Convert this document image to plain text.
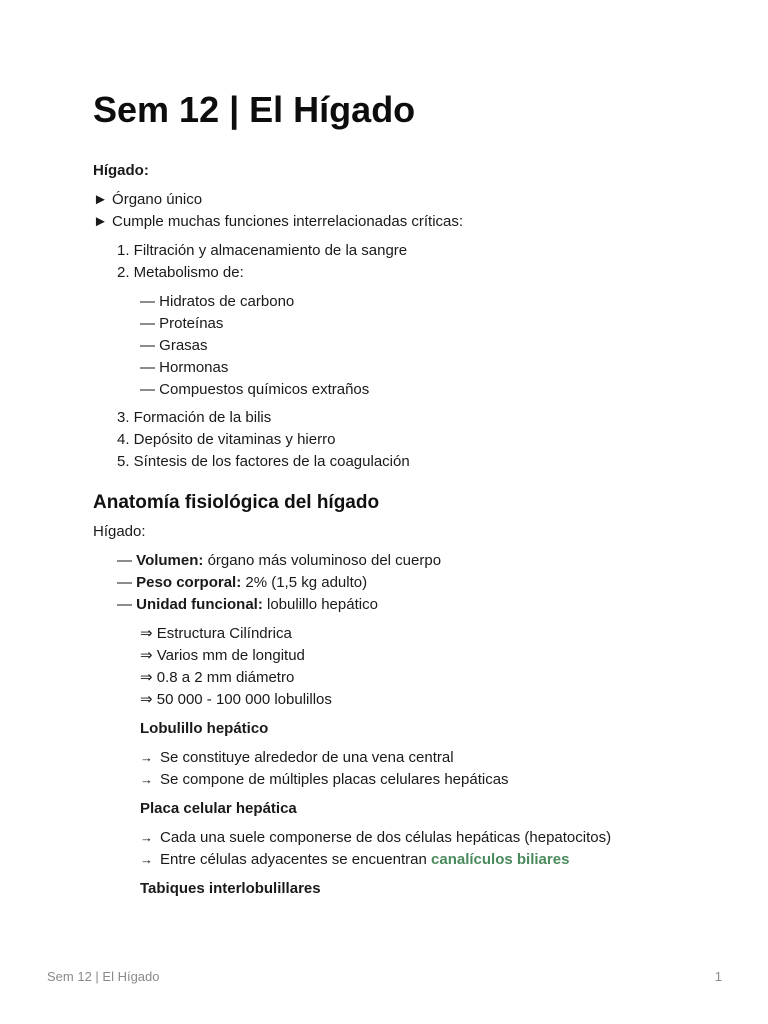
Sem 12 | El Hígado
Hígado:
► Órgano único
► Cumple muchas funciones interrelacionadas críticas:
1. Filtración y almacenamiento de la sangre
2. Metabolismo de:
— Hidratos de carbono
— Proteínas
— Grasas
— Hormonas
— Compuestos químicos extraños
3. Formación de la bilis
4. Depósito de vitaminas y hierro
5. Síntesis de los factores de la coagulación
Anatomía fisiológica del hígado
Hígado:
— Volumen: órgano más voluminoso del cuerpo
— Peso corporal: 2% (1,5 kg adulto)
— Unidad funcional: lobulillo hepático
⇒ Estructura Cilíndrica
⇒ Varios mm de longitud
⇒ 0.8 a 2 mm diámetro
⇒ 50 000 - 100 000 lobulillos
Lobulillo hepático
→ Se constituye alrededor de una vena central
→ Se compone de múltiples placas celulares hepáticas
Placa celular hepática
→ Cada una suele componerse de dos células hepáticas (hepatocitos)
→ Entre células adyacentes se encuentran canalículos biliares
Tabiques interlobulillares
Sem 12 | El Hígado	1
